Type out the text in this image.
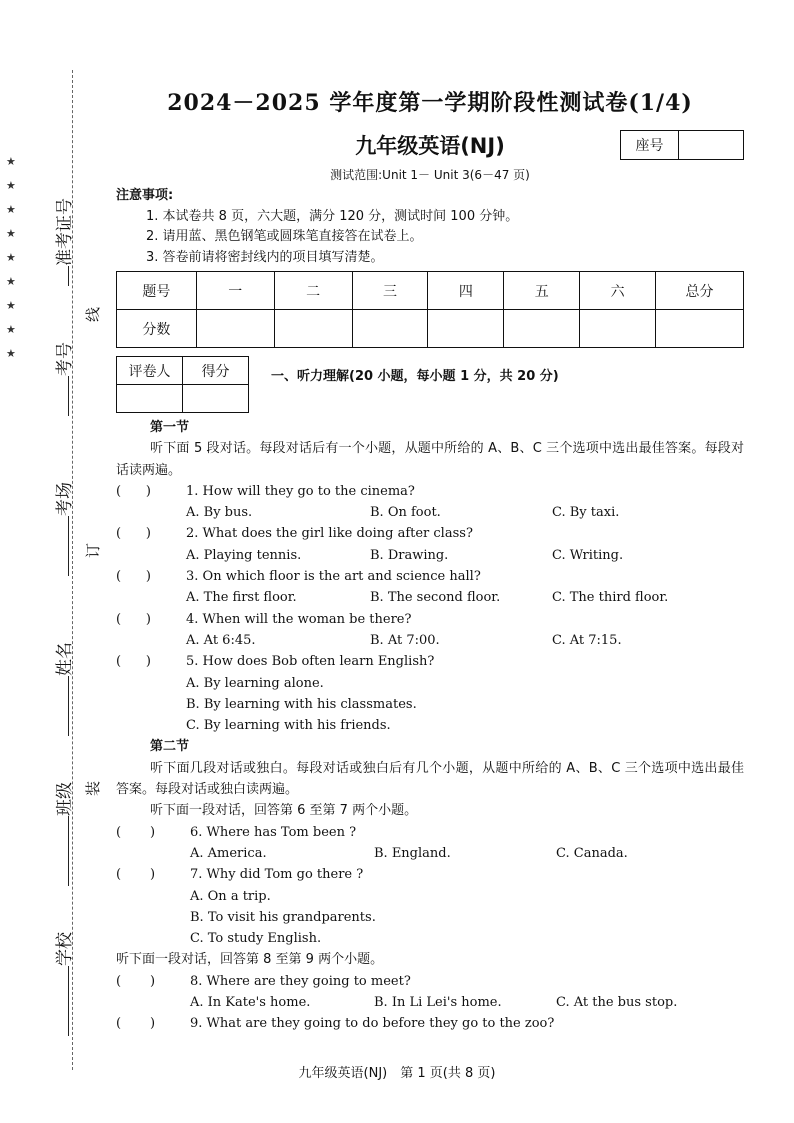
★
★
★
★
★
★
★
★
★
准考证号
考号
考场
姓名
班级
学校
线
订
装
2024－2025 学年度第一学期阶段性测试卷(1/4)
九年级英语(NJ)	座号
测试范围:Unit 1－ Unit 3(6－47 页)
注意事项:
1. 本试卷共 8 页，六大题，满分 120 分，测试时间 100 分钟。
2. 请用蓝、黑色钢笔或圆珠笔直接答在试卷上。
3. 答卷前请将密封线内的项目填写清楚。
题号	一	二	三	四	五	六	总分
分数							
评卷人	得分
		一、听力理解(20 小题，每小题 1 分，共 20 分)
第一节
听下面 5 段对话。每段对话后有一个小题，从题中所给的 A、B、C 三个选项中选出最佳答案。每段对话读两遍。
(      )	1. How will they go to the cinema?
A. By bus.	B. On foot.	C. By taxi.
(      )	2. What does the girl like doing after class?
A. Playing tennis.	B. Drawing.	C. Writing.
(      )	3. On which floor is the art and science hall?
A. The first floor.	B. The second floor.	C. The third floor.
(      )	4. When will the woman be there?
A. At 6:45.	B. At 7:00.	C. At 7:15.
(      )	5. How does Bob often learn English?
A. By learning alone.
B. By learning with his classmates.
C. By learning with his friends.
第二节
听下面几段对话或独白。每段对话或独白后有几个小题，从题中所给的 A、B、C 三个选项中选出最佳答案。每段对话或独白读两遍。
听下面一段对话，回答第 6 至第 7 两个小题。
(       )	6. Where has Tom been ?
A. America.	B. England.	C. Canada.
(       )	7. Why did Tom go there ?
A. On a trip.
B. To visit his grandparents.
C. To study English.
听下面一段对话，回答第 8 至第 9 两个小题。
(       )	8. Where are they going to meet?
A. In Kate's home.	B. In Li Lei's home.	C. At the bus stop.
(       )	9. What are they going to do before they go to the zoo?
九年级英语(NJ)　第 1 页(共 8 页)
